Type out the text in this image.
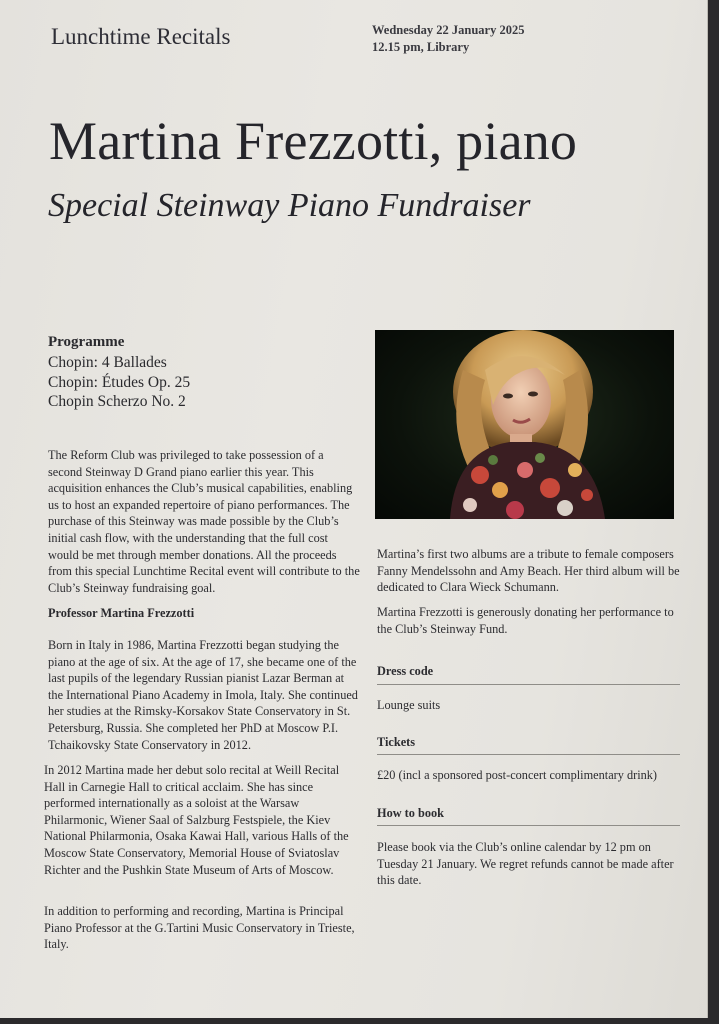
Lunchtime Recitals	Wednesday 22 January 2025
12.15 pm, Library
Martina Frezzotti, piano
Special Steinway Piano Fundraiser
Programme
Chopin: 4 Ballades
Chopin: Études Op. 25
Chopin Scherzo No. 2
The Reform Club was privileged to take possession of a second Steinway D Grand piano earlier this year. This acquisition enhances the Club’s musical capabilities, enabling us to host an expanded repertoire of piano performances. The purchase of this Steinway was made possible by the Club’s initial cash flow, with the understanding that the full cost would be met through member donations. All the proceeds from this special Lunchtime Recital event will contribute to the Club’s Steinway fundraising goal.
Professor Martina Frezzotti
Born in Italy in 1986, Martina Frezzotti began studying the piano at the age of six. At the age of 17, she became one of the last pupils of the legendary Russian pianist Lazar Berman at the International Piano Academy in Imola, Italy. She continued her studies at the Rimsky-Korsakov State Conservatory in St. Petersburg, Russia. She completed her PhD at Moscow P.I. Tchaikovsky State Conservatory in 2012.
In 2012 Martina made her debut solo recital at Weill Recital Hall in Carnegie Hall to critical acclaim. She has since performed internationally as a soloist at the Warsaw Philarmonic, Wiener Saal of Salzburg Festspiele, the Kiev National Philarmonia, Osaka Kawai Hall, various Halls of the Moscow State Conservatory, Memorial House of Sviatoslav Richter and the Pushkin State Museum of Arts of Moscow.
In addition to performing and recording, Martina is Principal Piano Professor at the G.Tartini Music Conservatory in Trieste, Italy.
Martina’s first two albums are a tribute to female composers Fanny Mendelssohn and Amy Beach. Her third album will be dedicated to Clara Wieck Schumann.
Martina Frezzotti is generously donating her performance to the Club’s Steinway Fund.
Dress code
Lounge suits
Tickets
£20 (incl a sponsored post-concert complimentary drink)
How to book
Please book via the Club’s online calendar by 12 pm on Tuesday 21 January. We regret refunds cannot be made after this date.
